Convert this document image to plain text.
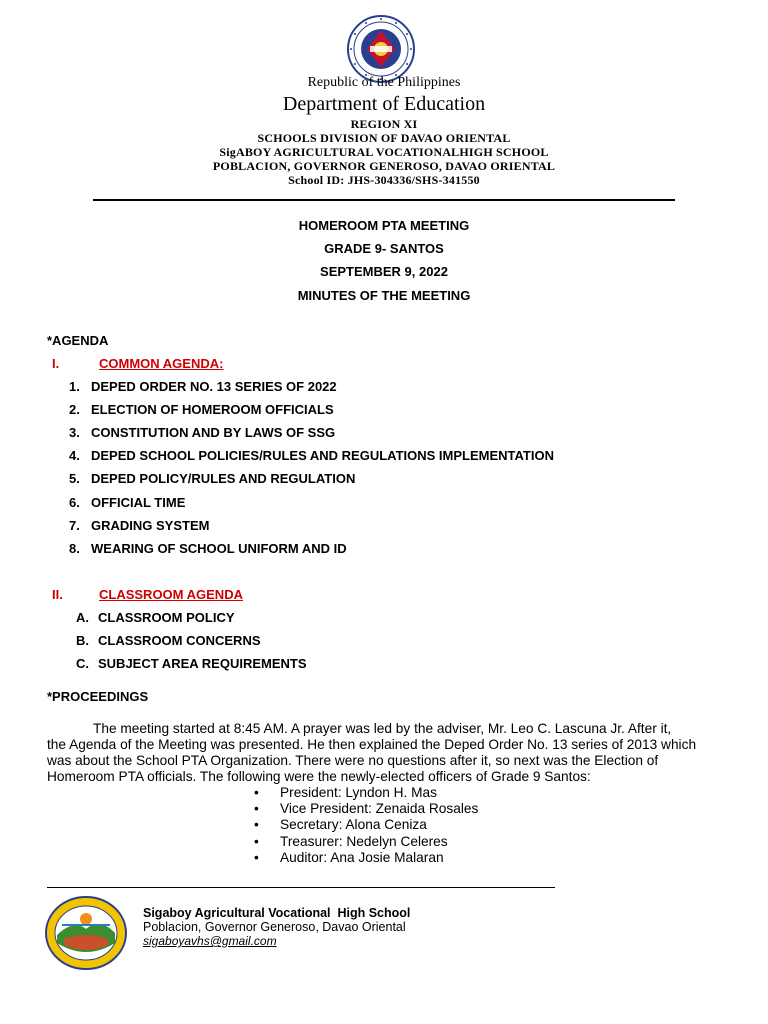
Republic of the Philippines
Department of Education
REGION XI
SCHOOLS DIVISION OF DAVAO ORIENTAL
SigABOY AGRICULTURAL VOCATIONALHIGH SCHOOL
POBLACION, GOVERNOR GENEROSO, DAVAO ORIENTAL
School ID: JHS-304336/SHS-341550
HOMEROOM PTA MEETING
GRADE 9- SANTOS
SEPTEMBER 9, 2022
MINUTES OF THE MEETING
*AGENDA
I.	COMMON AGENDA:
1. DEPED ORDER NO. 13 SERIES OF 2022
2. ELECTION OF HOMEROOM OFFICIALS
3. CONSTITUTION AND BY LAWS OF SSG
4. DEPED SCHOOL POLICIES/RULES AND REGULATIONS IMPLEMENTATION
5. DEPED POLICY/RULES AND REGULATION
6. OFFICIAL TIME
7. GRADING SYSTEM
8. WEARING OF SCHOOL UNIFORM AND ID
II.	CLASSROOM AGENDA
A. CLASSROOM POLICY
B. CLASSROOM CONCERNS
C. SUBJECT AREA REQUIREMENTS
*PROCEEDINGS
The meeting started at 8:45 AM. A prayer was led by the adviser, Mr. Leo C. Lascuna Jr. After it,
the Agenda of the Meeting was presented. He then explained the Deped Order No. 13 series of 2013 which
was about the School PTA Organization. There were no questions after it, so next was the Election of
Homeroom PTA officials. The following were the newly-elected officers of Grade 9 Santos:
• President: Lyndon H. Mas
• Vice President: Zenaida Rosales
• Secretary: Alona Ceniza
• Treasurer: Nedelyn Celeres
• Auditor: Ana Josie Malaran
Sigaboy Agricultural Vocational  High School
Poblacion, Governor Generoso, Davao Oriental
sigaboyavhs@gmail.com
